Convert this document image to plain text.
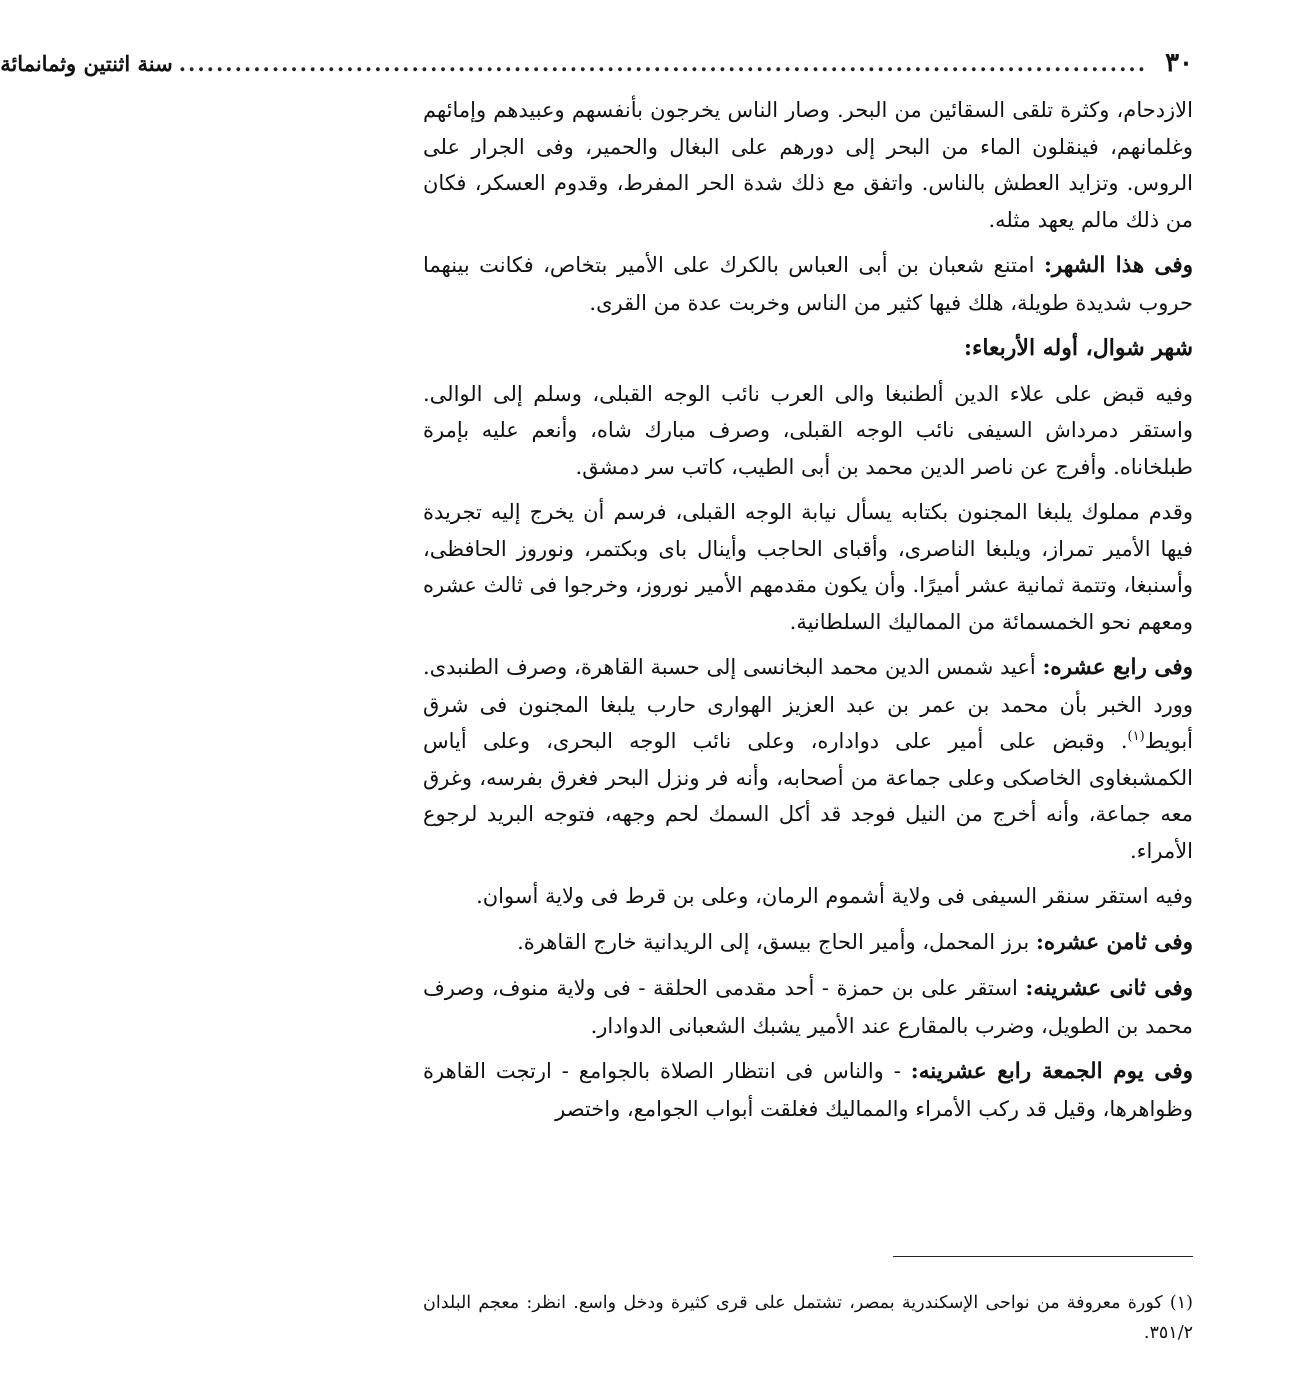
٣٠
........................................................................................................
سنة اثنتين وثمانمائة

الازدحام، وكثرة تلقى السقائين من البحر. وصار الناس يخرجون بأنفسهم وعبيدهم وإمائهم وغلمانهم، فينقلون الماء من البحر إلى دورهم على البغال والحمير، وفى الجرار على الروس. وتزايد العطش بالناس. واتفق مع ذلك شدة الحر المفرط، وقدوم العسكر، فكان من ذلك مالم يعهد مثله.

وفى هذا الشهر: امتنع شعبان بن أبى العباس بالكرك على الأمير بتخاص، فكانت بينهما حروب شديدة طويلة، هلك فيها كثير من الناس وخربت عدة من القرى.

شهر شوال، أوله الأربعاء:

وفيه قبض على علاء الدين ألطنبغا والى العرب نائب الوجه القبلى، وسلم إلى الوالى. واستقر دمرداش السيفى نائب الوجه القبلى، وصرف مبارك شاه، وأنعم عليه بإمرة طبلخاناه. وأفرج عن ناصر الدين محمد بن أبى الطيب، كاتب سر دمشق.

وقدم مملوك يلبغا المجنون بكتابه يسأل نيابة الوجه القبلى، فرسم أن يخرج إليه تجريدة فيها الأمير تمراز، ويلبغا الناصرى، وأقباى الحاجب وأينال باى وبكتمر، ونوروز الحافظى، وأسنبغا، وتتمة ثمانية عشر أميرًا. وأن يكون مقدمهم الأمير نوروز، وخرجوا فى ثالث عشره ومعهم نحو الخمسمائة من المماليك السلطانية.

وفى رابع عشره: أعيد شمس الدين محمد البخانسى إلى حسبة القاهرة، وصرف الطنبدى. وورد الخبر بأن محمد بن عمر بن عبد العزيز الهوارى حارب يلبغا المجنون فى شرق أبويط$^{(١)}$. وقبض على أمير على دواداره، وعلى نائب الوجه البحرى، وعلى أياس الكمشبغاوى الخاصكى وعلى جماعة من أصحابه، وأنه فر ونزل البحر فغرق بفرسه، وغرق معه جماعة، وأنه أخرج من النيل فوجد قد أكل السمك لحم وجهه، فتوجه البريد لرجوع الأمراء.

وفيه استقر سنقر السيفى فى ولاية أشموم الرمان، وعلى بن قرط فى ولاية أسوان.

وفى ثامن عشره: برز المحمل، وأمير الحاج بيسق، إلى الريدانية خارج القاهرة.

وفى ثانى عشرينه: استقر على بن حمزة - أحد مقدمى الحلقة - فى ولاية منوف، وصرف محمد بن الطويل، وضرب بالمقارع عند الأمير يشبك الشعبانى الدوادار.

وفى يوم الجمعة رابع عشرينه: - والناس فى انتظار الصلاة بالجوامع - ارتجت القاهرة وظواهرها، وقيل قد ركب الأمراء والمماليك فغلقت أبواب الجوامع، واختصر

(١) كورة معروفة من نواحى الإسكندرية بمصر، تشتمل على قرى كثيرة ودخل واسع. انظر: معجم البلدان ٣٥١/٢.
